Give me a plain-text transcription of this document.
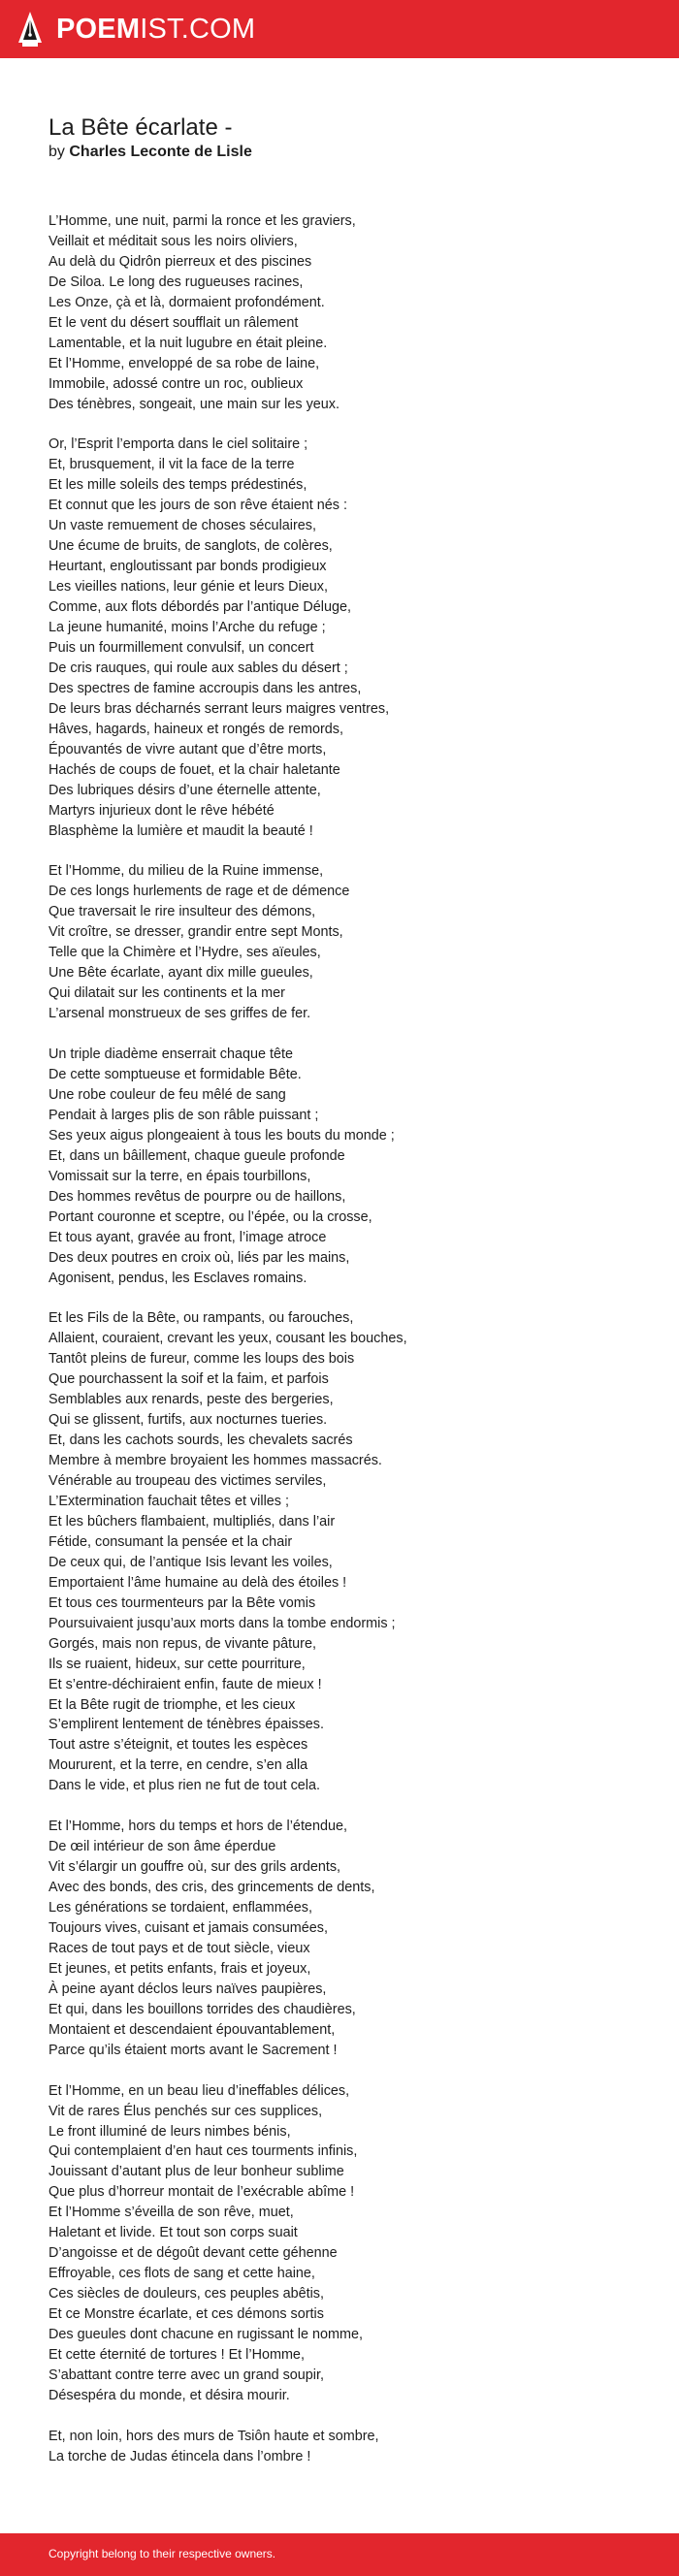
POEMIST.COM
La Bête écarlate -
by Charles Leconte de Lisle
L’Homme, une nuit, parmi la ronce et les graviers,
Veillait et méditait sous les noirs oliviers,
Au delà du Qidrôn pierreux et des piscines
De Siloa. Le long des rugueuses racines,
Les Onze, çà et là, dormaient profondément.
Et le vent du désert soufflait un râlement
Lamentable, et la nuit lugubre en était pleine.
Et l’Homme, enveloppé de sa robe de laine,
Immobile, adossé contre un roc, oublieux
Des ténèbres, songeait, une main sur les yeux.
Or, l’Esprit l’emporta dans le ciel solitaire ;
Et, brusquement, il vit la face de la terre
Et les mille soleils des temps prédestinés,
Et connut que les jours de son rêve étaient nés :
Un vaste remuement de choses séculaires,
Une écume de bruits, de sanglots, de colères,
Heurtant, engloutissant par bonds prodigieux
Les vieilles nations, leur génie et leurs Dieux,
Comme, aux flots débordés par l’antique Déluge,
La jeune humanité, moins l’Arche du refuge ;
Puis un fourmillement convulsif, un concert
De cris rauques, qui roule aux sables du désert ;
Des spectres de famine accroupis dans les antres,
De leurs bras décharnés serrant leurs maigres ventres,
Hâves, hagards, haineux et rongés de remords,
Épouvantés de vivre autant que d’être morts,
Hachés de coups de fouet, et la chair haletante
Des lubriques désirs d’une éternelle attente,
Martyrs injurieux dont le rêve hébété
Blasphème la lumière et maudit la beauté !
Et l’Homme, du milieu de la Ruine immense,
De ces longs hurlements de rage et de démence
Que traversait le rire insulteur des démons,
Vit croître, se dresser, grandir entre sept Monts,
Telle que la Chimère et l’Hydre, ses aïeules,
Une Bête écarlate, ayant dix mille gueules,
Qui dilatait sur les continents et la mer
L’arsenal monstrueux de ses griffes de fer.
Un triple diadème enserrait chaque tête
De cette somptueuse et formidable Bête.
Une robe couleur de feu mêlé de sang
Pendait à larges plis de son râble puissant ;
Ses yeux aigus plongeaient à tous les bouts du monde ;
Et, dans un bâillement, chaque gueule profonde
Vomissait sur la terre, en épais tourbillons,
Des hommes revêtus de pourpre ou de haillons,
Portant couronne et sceptre, ou l’épée, ou la crosse,
Et tous ayant, gravée au front, l’image atroce
Des deux poutres en croix où, liés par les mains,
Agonisent, pendus, les Esclaves romains.
Et les Fils de la Bête, ou rampants, ou farouches,
Allaient, couraient, crevant les yeux, cousant les bouches,
Tantôt pleins de fureur, comme les loups des bois
Que pourchassent la soif et la faim, et parfois
Semblables aux renards, peste des bergeries,
Qui se glissent, furtifs, aux nocturnes tueries.
Et, dans les cachots sourds, les chevalets sacrés
Membre à membre broyaient les hommes massacrés.
Vénérable au troupeau des victimes serviles,
L’Extermination fauchait têtes et villes ;
Et les bûchers flambaient, multipliés, dans l’air
Fétide, consumant la pensée et la chair
De ceux qui, de l’antique Isis levant les voiles,
Emportaient l’âme humaine au delà des étoiles !
Et tous ces tourmenteurs par la Bête vomis
Poursuivaient jusqu’aux morts dans la tombe endormis ;
Gorgés, mais non repus, de vivante pâture,
Ils se ruaient, hideux, sur cette pourriture,
Et s’entre-déchiraient enfin, faute de mieux !
Et la Bête rugit de triomphe, et les cieux
S’emplirent lentement de ténèbres épaisses.
Tout astre s’éteignit, et toutes les espèces
Moururent, et la terre, en cendre, s’en alla
Dans le vide, et plus rien ne fut de tout cela.
Et l’Homme, hors du temps et hors de l’étendue,
De œil intérieur de son âme éperdue
Vit s’élargir un gouffre où, sur des grils ardents,
Avec des bonds, des cris, des grincements de dents,
Les générations se tordaient, enflammées,
Toujours vives, cuisant et jamais consumées,
Races de tout pays et de tout siècle, vieux
Et jeunes, et petits enfants, frais et joyeux,
À peine ayant déclos leurs naïves paupières,
Et qui, dans les bouillons torrides des chaudières,
Montaient et descendaient épouvantablement,
Parce qu’ils étaient morts avant le Sacrement !
Et l’Homme, en un beau lieu d’ineffables délices,
Vit de rares Élus penchés sur ces supplices,
Le front illuminé de leurs nimbes bénis,
Qui contemplaient d’en haut ces tourments infinis,
Jouissant d’autant plus de leur bonheur sublime
Que plus d’horreur montait de l’exécrable abîme !
Et l’Homme s’éveilla de son rêve, muet,
Haletant et livide. Et tout son corps suait
D’angoisse et de dégoût devant cette géhenne
Effroyable, ces flots de sang et cette haine,
Ces siècles de douleurs, ces peuples abêtis,
Et ce Monstre écarlate, et ces démons sortis
Des gueules dont chacune en rugissant le nomme,
Et cette éternité de tortures ! Et l’Homme,
S’abattant contre terre avec un grand soupir,
Désespéra du monde, et désira mourir.
Et, non loin, hors des murs de Tsiôn haute et sombre,
La torche de Judas étincela dans l’ombre !
Copyright belong to their respective owners.
